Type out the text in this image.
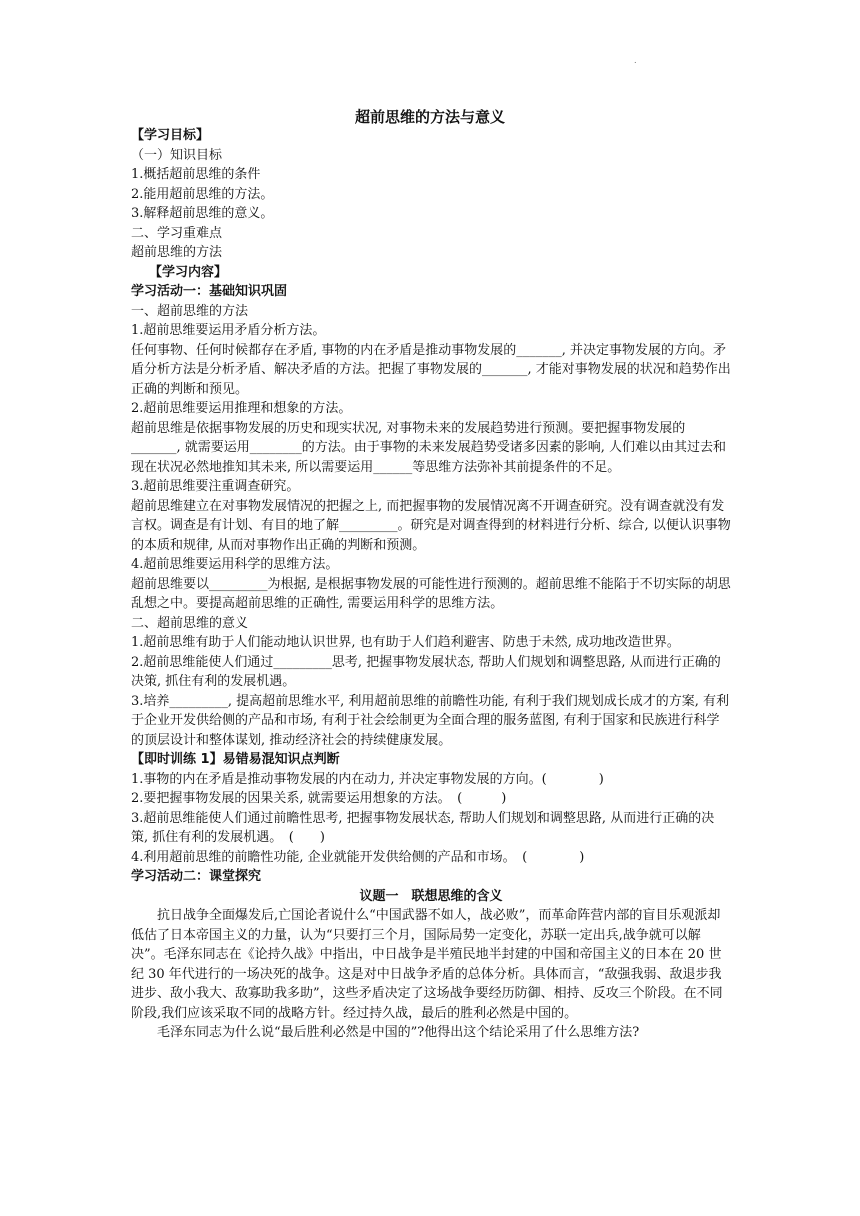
.
超前思维的方法与意义

【学习目标】

（一）知识目标

1.概括超前思维的条件

2.能用超前思维的方法。

3.解释超前思维的意义。

二、学习重难点

超前思维的方法

【学习内容】

学习活动一：基础知识巩固

一、超前思维的方法

1.超前思维要运用矛盾分析方法。

任何事物、任何时候都存在矛盾, 事物的内在矛盾是推动事物发展的_______, 并决定事物发展的方向。矛盾分析方法是分析矛盾、解决矛盾的方法。把握了事物发展的_______, 才能对事物发展的状况和趋势作出正确的判断和预见。

2.超前思维要运用推理和想象的方法。

超前思维是依据事物发展的历史和现实状况, 对事物未来的发展趋势进行预测。要把握事物发展的_______, 就需要运用________的方法。由于事物的未来发展趋势受诸多因素的影响, 人们难以由其过去和现在状况必然地推知其未来, 所以需要运用______等思维方法弥补其前提条件的不足。

3.超前思维要注重调查研究。

超前思维建立在对事物发展情况的把握之上, 而把握事物的发展情况离不开调查研究。没有调查就没有发言权。调查是有计划、有目的地了解_________。研究是对调查得到的材料进行分析、综合, 以便认识事物的本质和规律, 从而对事物作出正确的判断和预测。

4.超前思维要运用科学的思维方法。

超前思维要以_________为根据, 是根据事物发展的可能性进行预测的。超前思维不能陷于不切实际的胡思乱想之中。要提高超前思维的正确性, 需要运用科学的思维方法。

二、超前思维的意义

1.超前思维有助于人们能动地认识世界, 也有助于人们趋利避害、防患于未然, 成功地改造世界。

2.超前思维能使人们通过_________思考, 把握事物发展状态, 帮助人们规划和调整思路, 从而进行正确的决策, 抓住有利的发展机遇。

3.培养_________, 提高超前思维水平, 利用超前思维的前瞻性功能, 有利于我们规划成长成才的方案, 有利于企业开发供给侧的产品和市场, 有利于社会绘制更为全面合理的服务蓝图, 有利于国家和民族进行科学的顶层设计和整体谋划, 推动经济社会的持续健康发展。

【即时训练 1】易错易混知识点判断

1.事物的内在矛盾是推动事物发展的内在动力, 并决定事物发展的方向。(　　　　)

2.要把握事物发展的因果关系, 就需要运用想象的方法。　(　　　)

3.超前思维能使人们通过前瞻性思考, 把握事物发展状态, 帮助人们规划和调整思路, 从而进行正确的决策, 抓住有利的发展机遇。　(　　)

4.利用超前思维的前瞻性功能, 企业就能开发供给侧的产品和市场。　(　　　　)

学习活动二：课堂探究

议题一　联想思维的含义

抗日战争全面爆发后,亡国论者说什么“中国武器不如人，战必败”，而革命阵营内部的盲目乐观派却低估了日本帝国主义的力量，认为“只要打三个月，国际局势一定变化，苏联一定出兵,战争就可以解决”。毛泽东同志在《论持久战》中指出，中日战争是半殖民地半封建的中国和帝国主义的日本在 20 世纪 30 年代进行的一场决死的战争。这是对中日战争矛盾的总体分析。具体而言，“敌强我弱、敌退步我进步、敌小我大、敌寡助我多助”，这些矛盾决定了这场战争要经历防御、相持、反攻三个阶段。在不同阶段,我们应该采取不同的战略方针。经过持久战，最后的胜利必然是中国的。

毛泽东同志为什么说“最后胜利必然是中国的”?他得出这个结论采用了什么思维方法?
